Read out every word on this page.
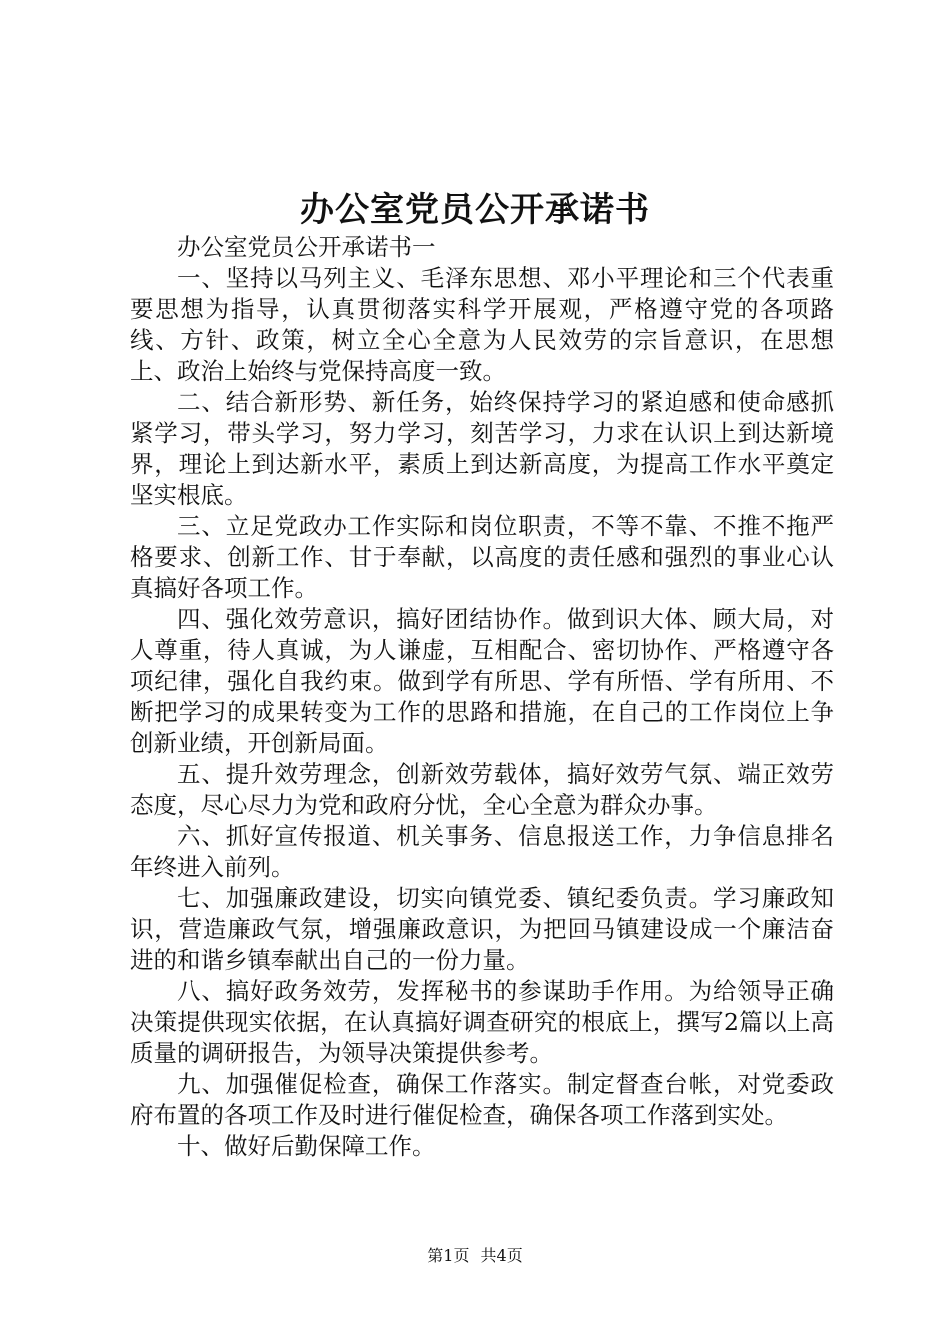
办公室党员公开承诺书

办公室党员公开承诺书一

一、坚持以马列主义、毛泽东思想、邓小平理论和三个代表重要思想为指导，认真贯彻落实科学开展观，严格遵守党的各项路线、方针、政策，树立全心全意为人民效劳的宗旨意识，在思想上、政治上始终与党保持高度一致。

二、结合新形势、新任务，始终保持学习的紧迫感和使命感抓紧学习，带头学习，努力学习，刻苦学习，力求在认识上到达新境界，理论上到达新水平，素质上到达新高度，为提高工作水平奠定坚实根底。

三、立足党政办工作实际和岗位职责，不等不靠、不推不拖严格要求、创新工作、甘于奉献，以高度的责任感和强烈的事业心认真搞好各项工作。

四、强化效劳意识，搞好团结协作。做到识大体、顾大局，对人尊重，待人真诚，为人谦虚，互相配合、密切协作、严格遵守各项纪律，强化自我约束。做到学有所思、学有所悟、学有所用、不断把学习的成果转变为工作的思路和措施，在自己的工作岗位上争创新业绩，开创新局面。

五、提升效劳理念，创新效劳载体，搞好效劳气氛、端正效劳态度，尽心尽力为党和政府分忧，全心全意为群众办事。

六、抓好宣传报道、机关事务、信息报送工作，力争信息排名年终进入前列。

七、加强廉政建设，切实向镇党委、镇纪委负责。学习廉政知识，营造廉政气氛，增强廉政意识，为把回马镇建设成一个廉洁奋进的和谐乡镇奉献出自己的一份力量。

八、搞好政务效劳，发挥秘书的参谋助手作用。为给领导正确决策提供现实依据，在认真搞好调查研究的根底上，撰写2篇以上高质量的调研报告，为领导决策提供参考。

九、加强催促检查，确保工作落实。制定督查台帐，对党委政府布置的各项工作及时进行催促检查，确保各项工作落到实处。

十、做好后勤保障工作。

第1页 共4页
